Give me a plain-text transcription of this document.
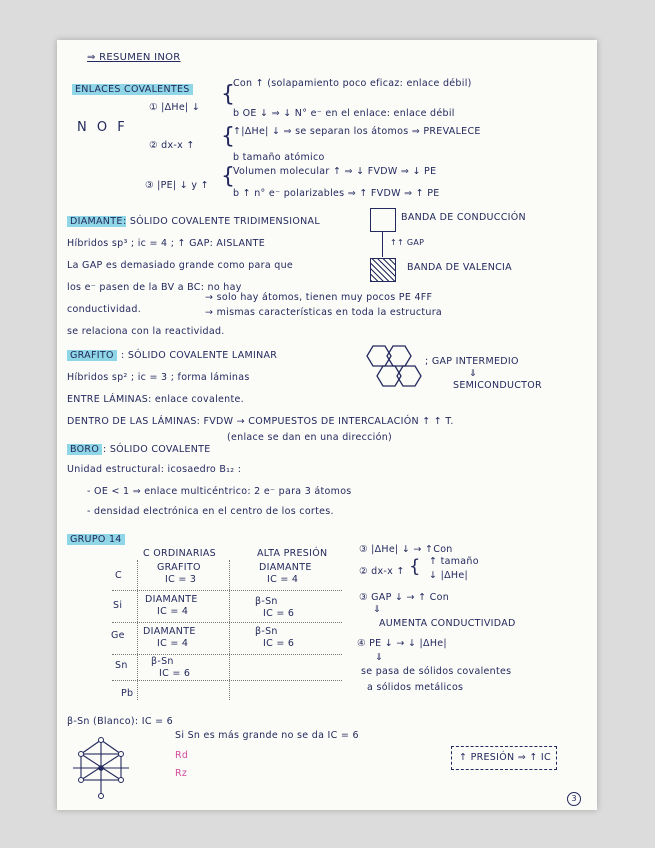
⇒ RESUMEN INOR
ENLACES COVALENTES
N O F
① |ΔHe| ↓
{
Con ↑ (solapamiento poco eficaz: enlace débil)
b OE ↓ ⇒ ↓ N° e⁻ en el enlace: enlace débil
② dx-x ↑ {
↑|ΔHe| ↓ ⇒ se separan los átomos ⇒ PREVALECE
b tamaño atómico
③ |PE| ↓ y ↑ {
Volumen molecular ↑ ⇒ ↓ FVDW ⇒ ↓ PE
b ↑ n° e⁻ polarizables ⇒ ↑ FVDW ⇒ ↑ PE
DIAMANTE : SÓLIDO COVALENTE TRIDIMENSIONAL
Híbridos sp³ ; ic = 4 ; ↑ GAP: AISLANTE
La GAP es demasiado grande como para que
los e⁻ pasen de la BV a BC: no hay
conductividad.
→ solo hay átomos, tienen muy pocos PE 4FF
→ mismas características en toda la estructura
se relaciona con la reactividad.
BANDA DE CONDUCCIÓN
↑↑ GAP
BANDA DE VALENCIA
GRAFITO : SÓLIDO COVALENTE LAMINAR
Híbridos sp² ; ic = 3 ; forma láminas
ENTRE LÁMINAS: enlace covalente.
DENTRO DE LAS LÁMINAS: FVDW → COMPUESTOS DE INTERCALACIÓN ↑ ↑ T.
(enlace se dan en una dirección)
; GAP INTERMEDIO
⇓
SEMICONDUCTOR
BORO : SÓLIDO COVALENTE
Unidad estructural: icosaedro B₁₂ :
- OE < 1 ⇒ enlace multicéntrico: 2 e⁻ para 3 átomos
- densidad electrónica en el centro de los cortes.
GRUPO 14
C ORDINARIAS	ALTA PRESIÓN
C
GRAFITO
IC = 3
DIAMANTE
IC = 4
Si
DIAMANTE
IC = 4
β-Sn
IC = 6
Ge DIAMANTE
IC = 4
β-Sn
IC = 6
Sn β-Sn
IC = 6
Pb
③ |ΔHe| ↓ → ↑Con
↑ tamaño
② dx-x ↑ { ↓ |ΔHe|
③ GAP ↓ → ↑ Con
⇓
AUMENTA CONDUCTIVIDAD
④ PE ↓ → ↓ |ΔHe|
⇓
se pasa de sólidos covalentes
a sólidos metálicos
β-Sn (Blanco): IC = 6
Si Sn es más grande no se da IC = 6
Rd
Rz
↑ PRESIÓN ⇒ ↑ IC
3
